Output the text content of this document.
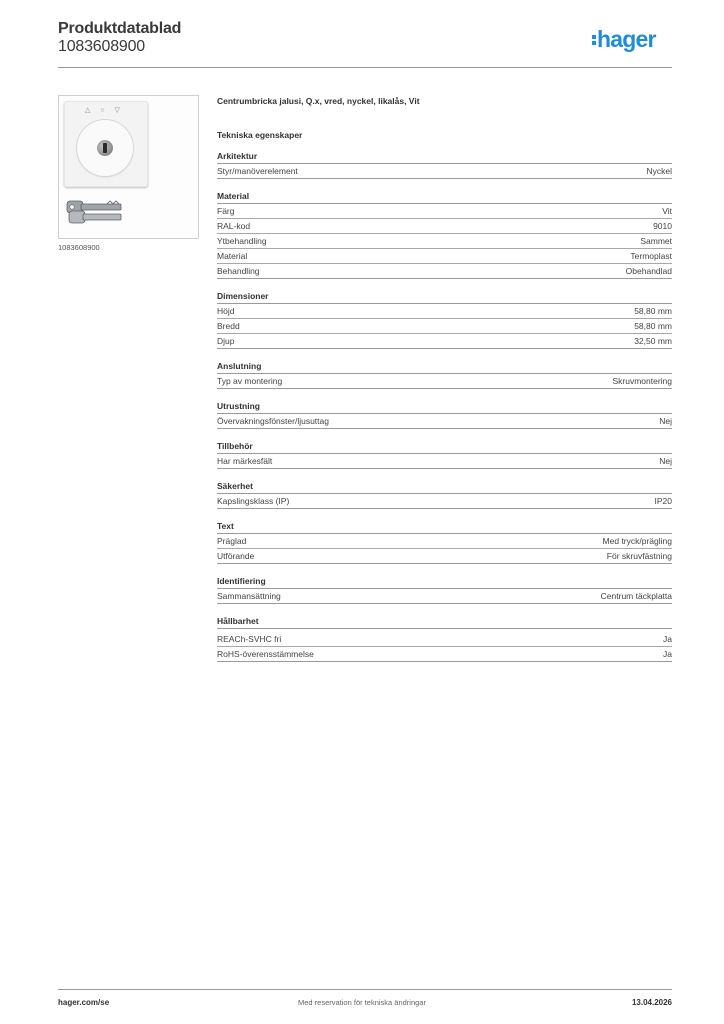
Produktdatablad
1083608900	hager
△ ○ ▽
1083608900
Centrumbricka jalusi, Q.x, vred, nyckel, likalås, Vit
Tekniska egenskaper
Arkitektur
Styr/manöverelement	Nyckel
Material
Färg	Vit
RAL-kod	9010
Ytbehandling	Sammet
Material	Termoplast
Behandling	Obehandlad
Dimensioner
Höjd	58,80 mm
Bredd	58,80 mm
Djup	32,50 mm
Anslutning
Typ av montering	Skruvmontering
Utrustning
Övervakningsfönster/ljusuttag	Nej
Tillbehör
Har märkesfält	Nej
Säkerhet
Kapslingsklass (IP)	IP20
Text
Präglad	Med tryck/prägling
Utförande	För skruvfästning
Identifiering
Sammansättning	Centrum täckplatta
Hållbarhet
REACh-SVHC fri	Ja
RoHS-överensstämmelse	Ja
hager.com/se	Med reservation för tekniska ändringar	13.04.2026
